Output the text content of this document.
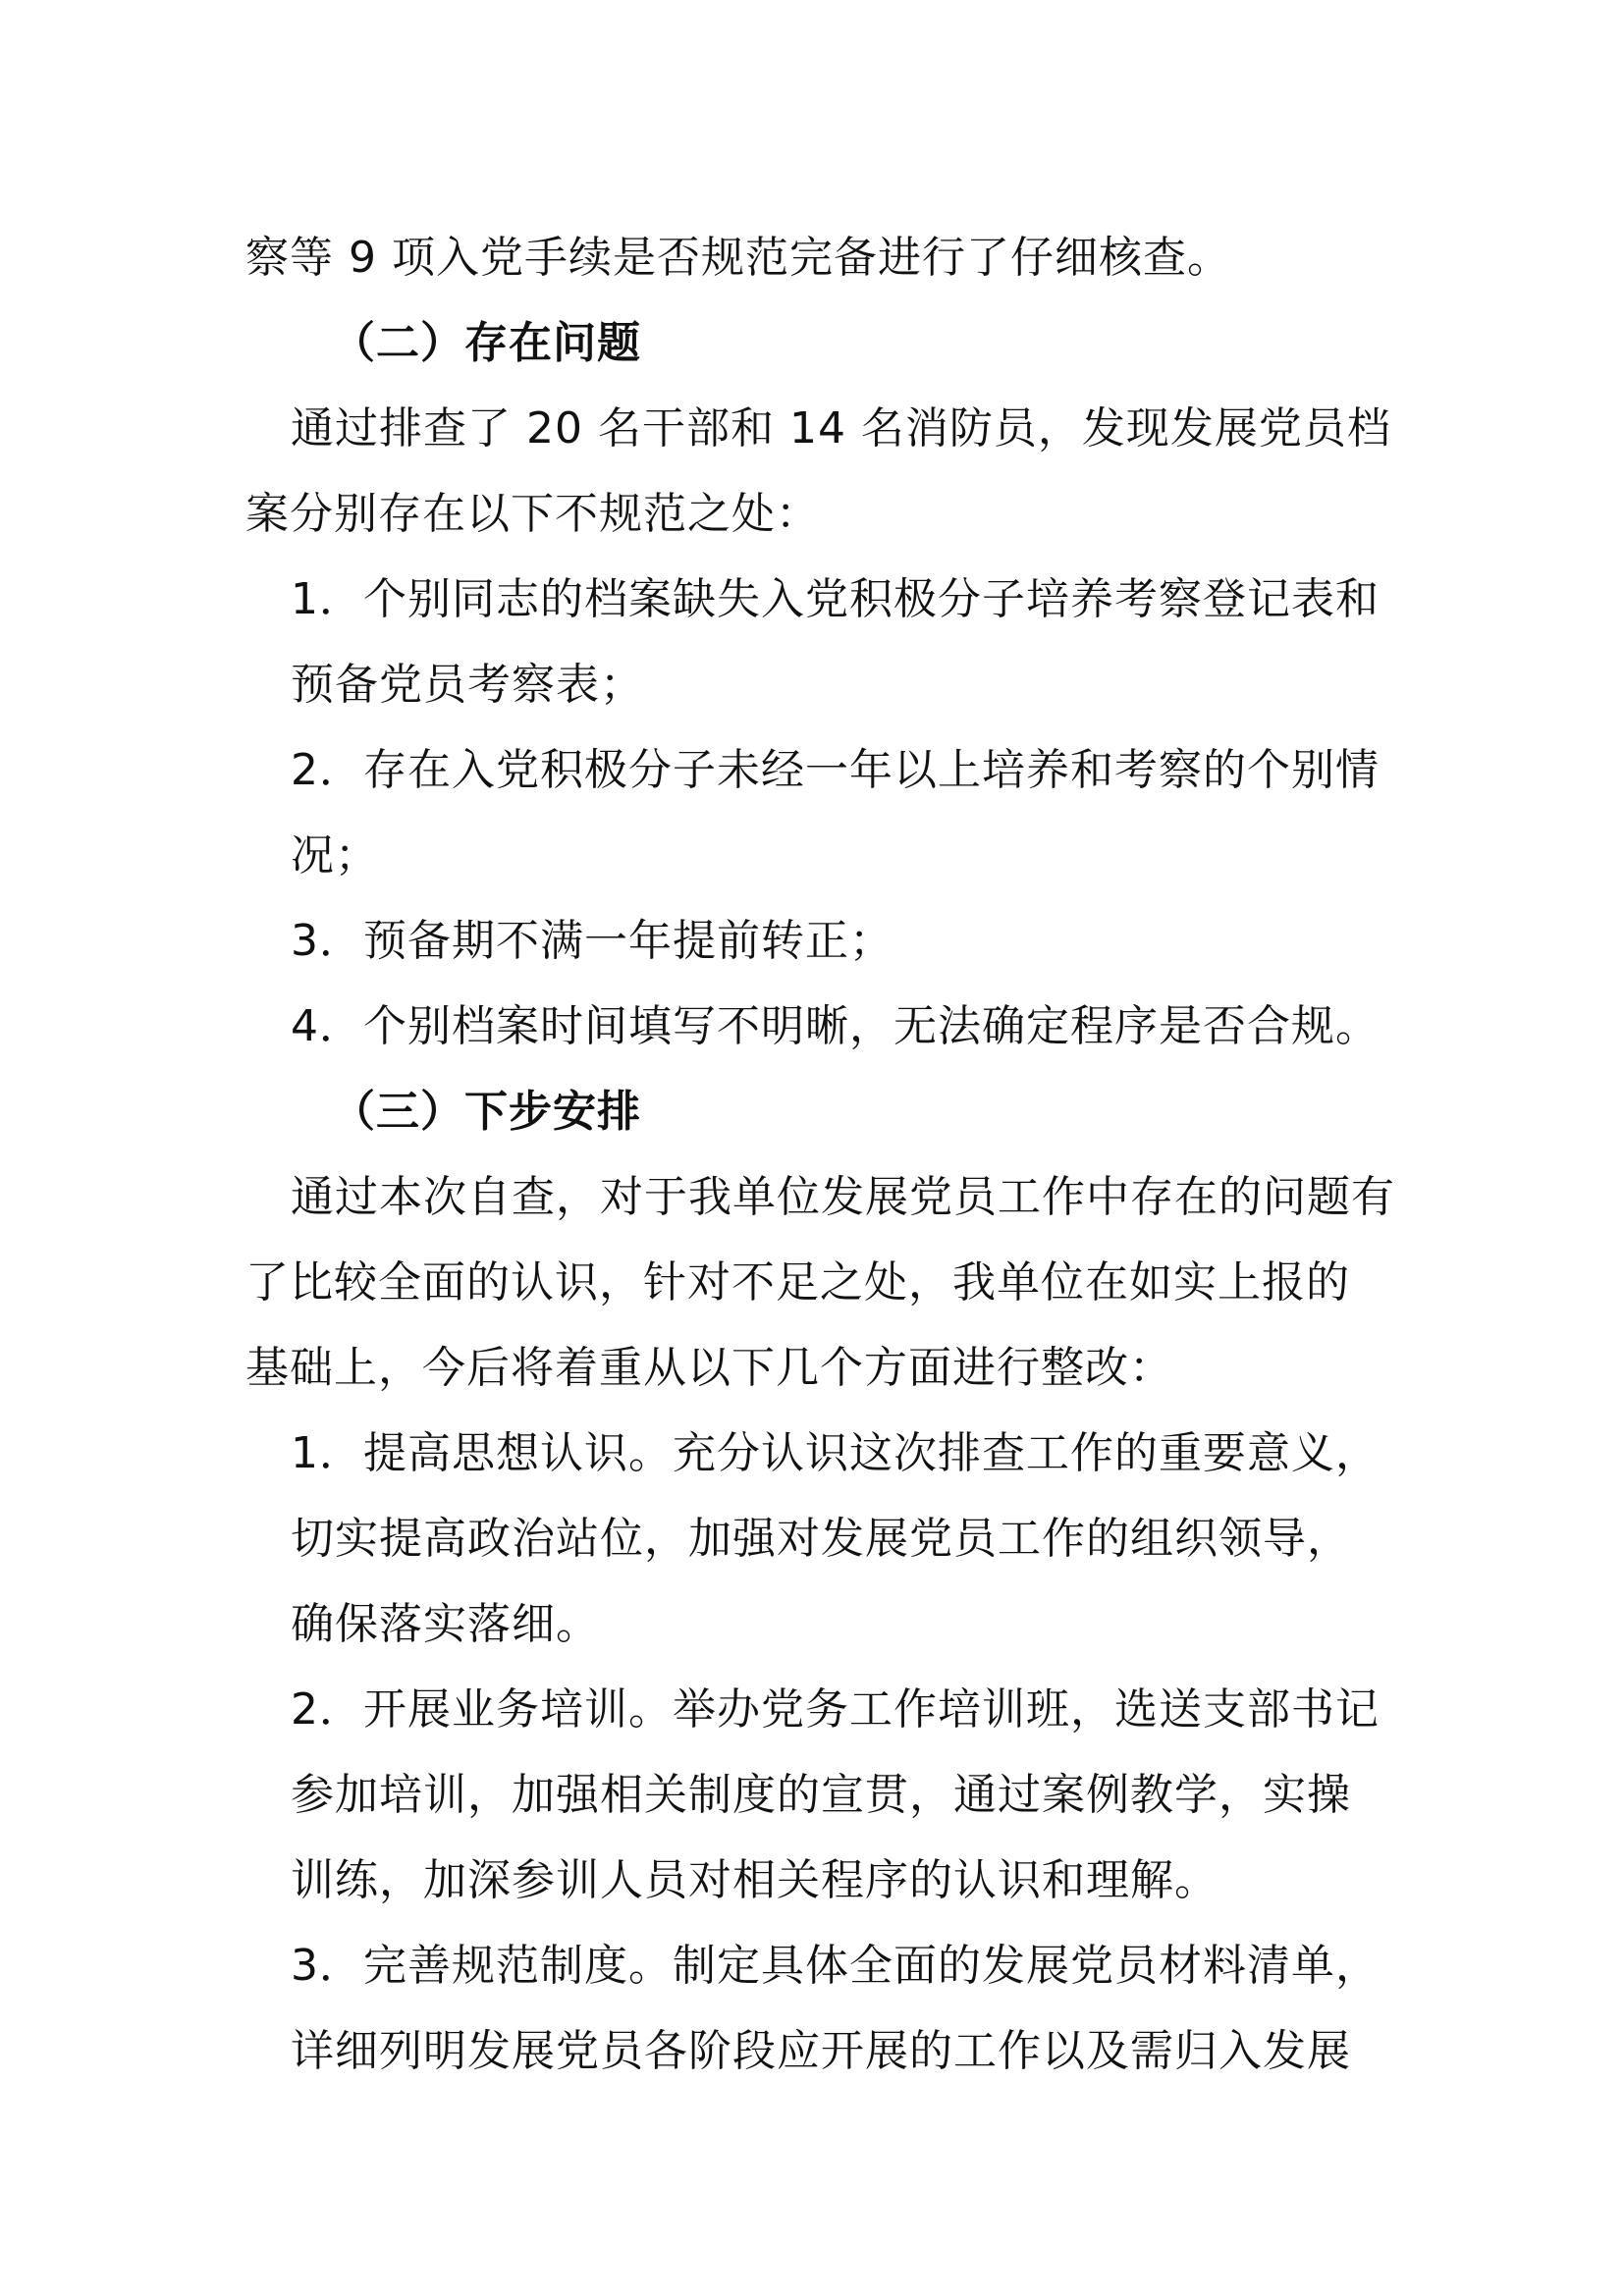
察等 9 项入党手续是否规范完备进行了仔细核查。
（二）存在问题
通过排查了 20 名干部和 14 名消防员，发现发展党员档
案分别存在以下不规范之处：
1．个别同志的档案缺失入党积极分子培养考察登记表和
预备党员考察表；
2．存在入党积极分子未经一年以上培养和考察的个别情
况；
3．预备期不满一年提前转正；
4．个别档案时间填写不明晰，无法确定程序是否合规。
（三）下步安排
通过本次自查，对于我单位发展党员工作中存在的问题有
了比较全面的认识，针对不足之处，我单位在如实上报的
基础上，今后将着重从以下几个方面进行整改：
1．提高思想认识。充分认识这次排查工作的重要意义，
切实提高政治站位，加强对发展党员工作的组织领导，
确保落实落细。
2．开展业务培训。举办党务工作培训班，选送支部书记
参加培训，加强相关制度的宣贯，通过案例教学，实操
训练，加深参训人员对相关程序的认识和理解。
3．完善规范制度。制定具体全面的发展党员材料清单，
详细列明发展党员各阶段应开展的工作以及需归入发展
